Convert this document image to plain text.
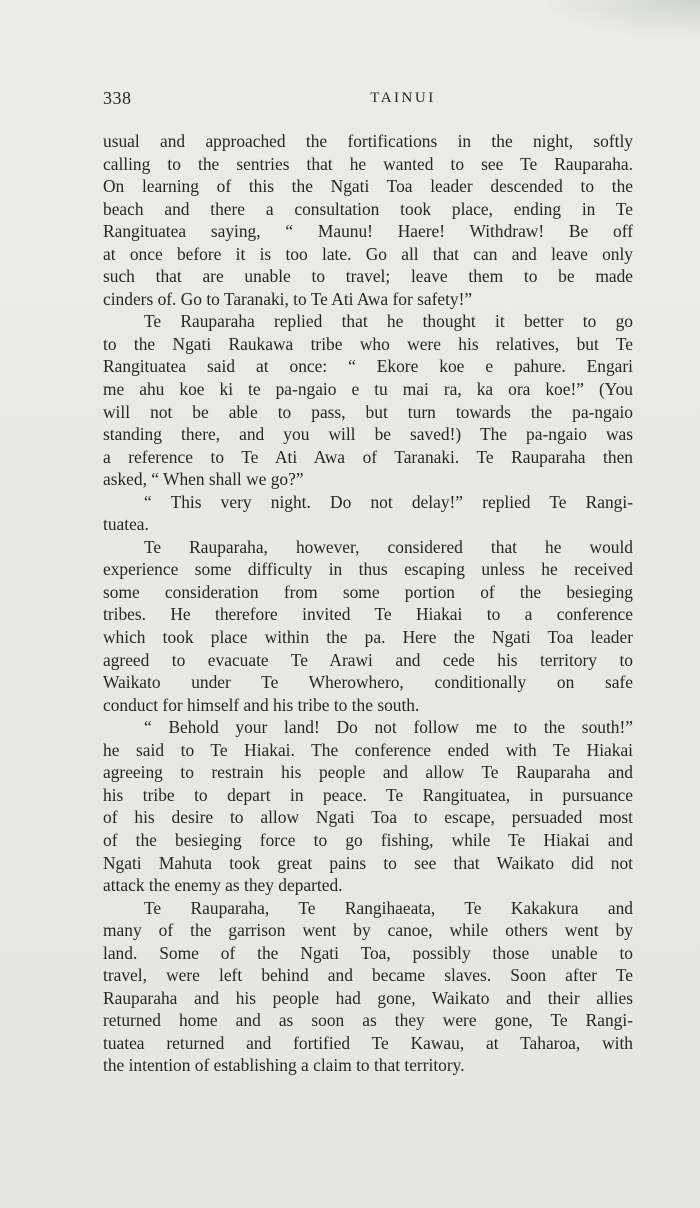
338	TAINUI
usual and approached the fortifications in the night, softly
calling to the sentries that he wanted to see Te Rauparaha.
On learning of this the Ngati Toa leader descended to the
beach and there a consultation took place, ending in Te
Rangituatea saying, “ Maunu! Haere! Withdraw! Be off
at once before it is too late. Go all that can and leave only
such that are unable to travel; leave them to be made
cinders of. Go to Taranaki, to Te Ati Awa for safety!”
Te Rauparaha replied that he thought it better to go
to the Ngati Raukawa tribe who were his relatives, but Te
Rangituatea said at once: “ Ekore koe e pahure. Engari
me ahu koe ki te pa-ngaio e tu mai ra, ka ora koe!” (You
will not be able to pass, but turn towards the pa-ngaio
standing there, and you will be saved!) The pa-ngaio was
a reference to Te Ati Awa of Taranaki. Te Rauparaha then
asked, “ When shall we go?”
“ This very night. Do not delay!” replied Te Rangi-
tuatea.
Te Rauparaha, however, considered that he would
experience some difficulty in thus escaping unless he received
some consideration from some portion of the besieging
tribes. He therefore invited Te Hiakai to a conference
which took place within the pa. Here the Ngati Toa leader
agreed to evacuate Te Arawi and cede his territory to
Waikato under Te Wherowhero, conditionally on safe
conduct for himself and his tribe to the south.
“ Behold your land! Do not follow me to the south!”
he said to Te Hiakai. The conference ended with Te Hiakai
agreeing to restrain his people and allow Te Rauparaha and
his tribe to depart in peace. Te Rangituatea, in pursuance
of his desire to allow Ngati Toa to escape, persuaded most
of the besieging force to go fishing, while Te Hiakai and
Ngati Mahuta took great pains to see that Waikato did not
attack the enemy as they departed.
Te Rauparaha, Te Rangihaeata, Te Kakakura and
many of the garrison went by canoe, while others went by
land. Some of the Ngati Toa, possibly those unable to
travel, were left behind and became slaves. Soon after Te
Rauparaha and his people had gone, Waikato and their allies
returned home and as soon as they were gone, Te Rangi-
tuatea returned and fortified Te Kawau, at Taharoa, with
the intention of establishing a claim to that territory.
